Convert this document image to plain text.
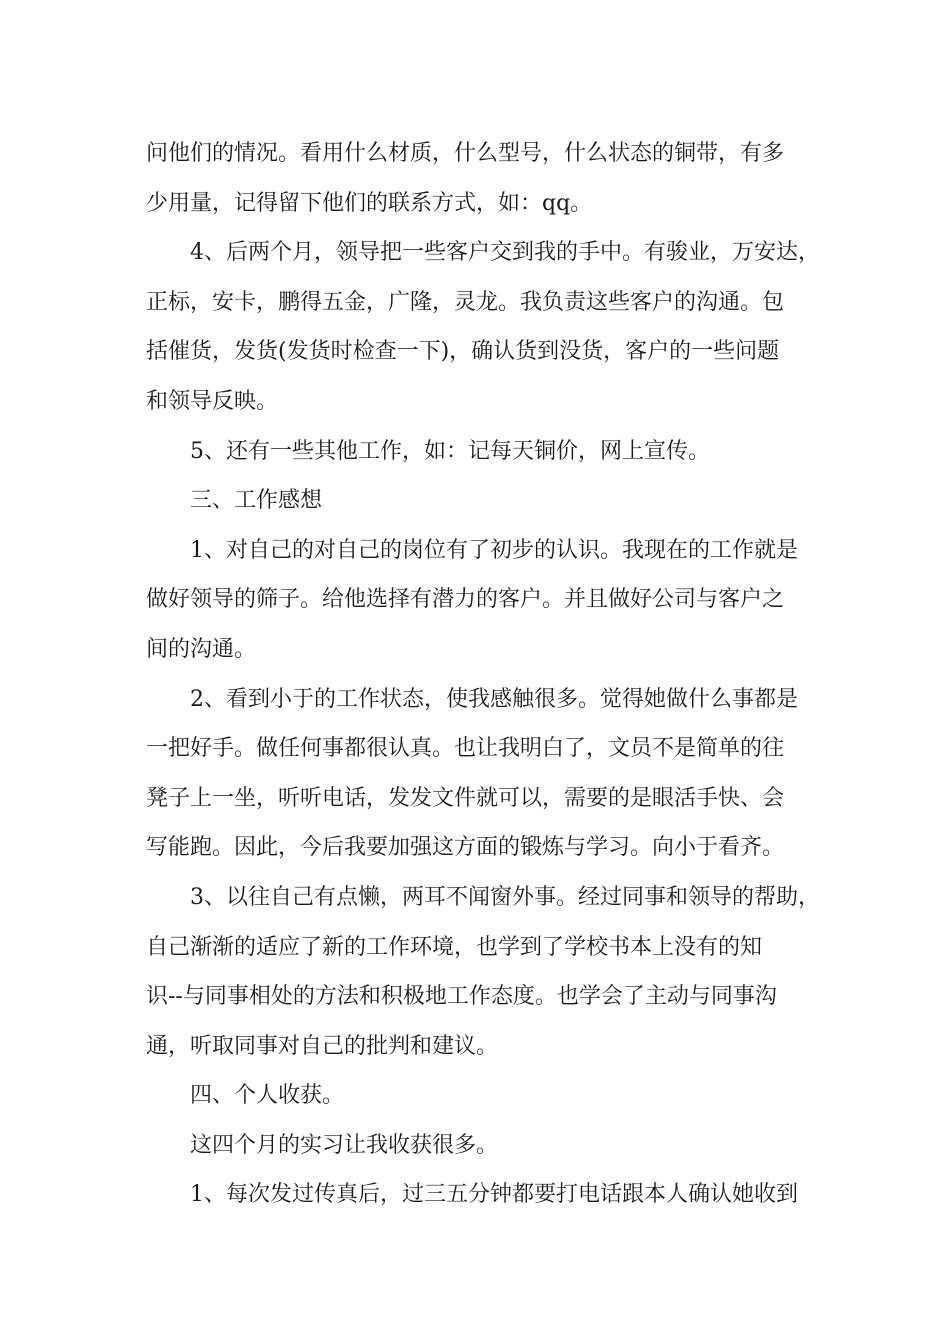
问他们的情况。看用什么材质，什么型号，什么状态的铜带，有多
少用量，记得留下他们的联系方式，如：qq。

4、后两个月，领导把一些客户交到我的手中。有骏业，万安达，
正标，安卡，鹏得五金，广隆，灵龙。我负责这些客户的沟通。包
括催货，发货(发货时检查一下)，确认货到没货，客户的一些问题
和领导反映。

5、还有一些其他工作，如：记每天铜价，网上宣传。

三、工作感想

1、对自己的对自己的岗位有了初步的认识。我现在的工作就是
做好领导的筛子。给他选择有潜力的客户。并且做好公司与客户之
间的沟通。

2、看到小于的工作状态，使我感触很多。觉得她做什么事都是
一把好手。做任何事都很认真。也让我明白了，文员不是简单的往
凳子上一坐，听听电话，发发文件就可以，需要的是眼活手快、会
写能跑。因此，今后我要加强这方面的锻炼与学习。向小于看齐。

3、以往自己有点懒，两耳不闻窗外事。经过同事和领导的帮助，
自己渐渐的适应了新的工作环境，也学到了学校书本上没有的知
识--与同事相处的方法和积极地工作态度。也学会了主动与同事沟
通，听取同事对自己的批判和建议。

四、个人收获。

这四个月的实习让我收获很多。

1、每次发过传真后，过三五分钟都要打电话跟本人确认她收到
